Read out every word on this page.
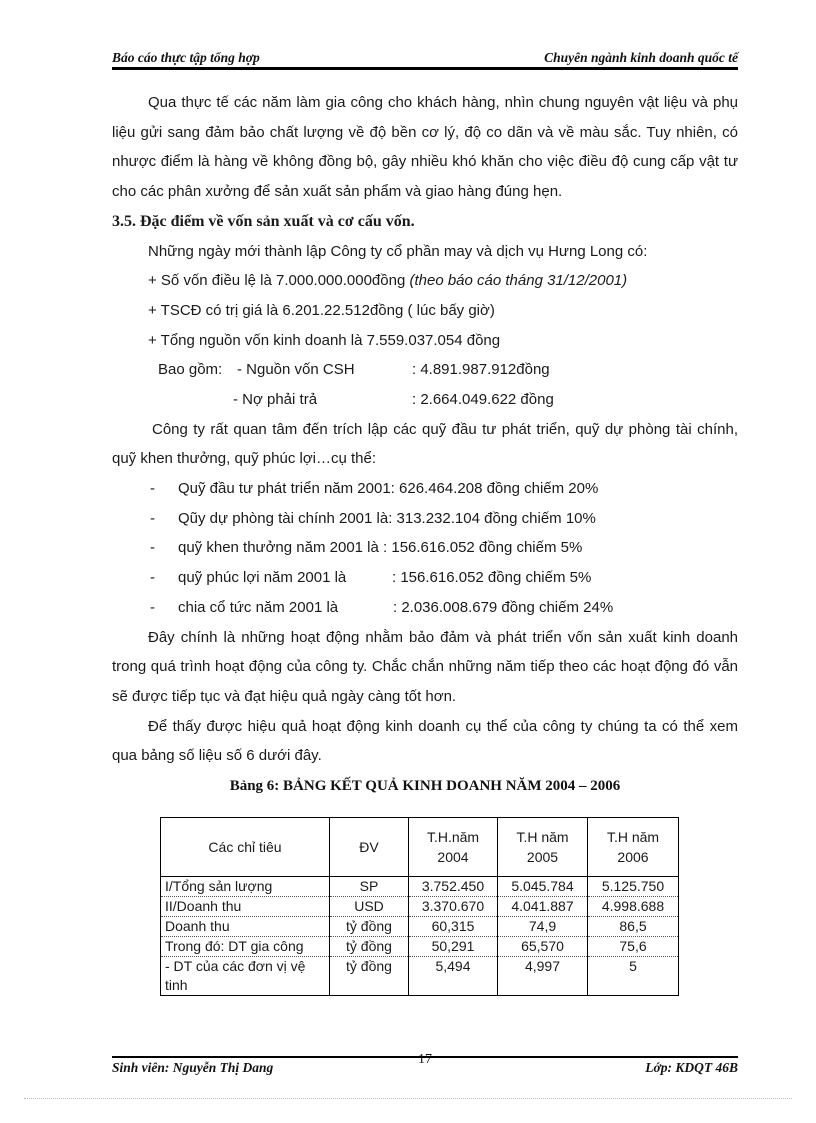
Báo cáo thực tập tổng hợp	Chuyên ngành kinh doanh quốc tế

Qua thực tế các năm làm gia công cho khách hàng, nhìn chung nguyên vật liệu và phụ liệu gửi sang đảm bảo chất lượng về độ bền cơ lý, độ co dãn và về màu sắc. Tuy nhiên, có nhược điểm là hàng về không đồng bộ, gây nhiều khó khăn cho việc điều độ cung cấp vật tư cho các phân xưởng để sản xuất sản phẩm và giao hàng đúng hẹn.

3.5. Đặc điểm về vốn sản xuất và cơ cấu vốn.

Những ngày mới thành lập Công ty cổ phần may và dịch vụ Hưng Long có:

+ Số vốn điều lệ là 7.000.000.000đồng (theo báo cáo tháng 31/12/2001)

+ TSCĐ có trị giá là 6.201.22.512đồng ( lúc bấy giờ)

+ Tổng nguồn vốn kinh doanh là 7.559.037.054 đồng

Bao gồm: - Nguồn vốn CSH	: 4.891.987.912đồng
- Nợ phải trả	: 2.664.049.622 đồng

Công ty rất quan tâm đến trích lập các quỹ đầu tư phát triển, quỹ dự phòng tài chính, quỹ khen thưởng, quỹ phúc lợi…cụ thể:

- Quỹ đầu tư phát triển năm 2001: 626.464.208 đồng chiếm 20%
- Qũy dự phòng tài chính 2001 là: 313.232.104 đồng chiếm 10%
- quỹ khen thưởng năm 2001 là : 156.616.052 đồng chiếm 5%
- quỹ phúc lợi năm 2001 là	: 156.616.052 đồng chiếm 5%
- chia cổ tức năm 2001 là	: 2.036.008.679 đồng chiếm 24%

Đây chính là những hoạt động nhằm bảo đảm và phát triển vốn sản xuất kinh doanh trong quá trình hoạt động của công ty. Chắc chắn những năm tiếp theo các hoạt động đó vẫn sẽ được tiếp tục và đạt hiệu quả ngày càng tốt hơn.

Để thấy được hiệu quả hoạt động kinh doanh cụ thể của công ty chúng ta có thể xem qua bảng số liệu số 6 dưới đây.

Bảng 6: BẢNG KẾT QUẢ KINH DOANH NĂM 2004 – 2006
Các chỉ tiêu	ĐV	T.H.năm 2004	T.H năm 2005	T.H năm 2006
I/Tổng sản lượng	SP	3.752.450	5.045.784	5.125.750
II/Doanh thu	USD	3.370.670	4.041.887	4.998.688
Doanh thu	tỷ đồng	60,315	74,9	86,5
Trong đó: DT gia công	tỷ đồng	50,291	65,570	75,6
- DT của các đơn vị vệ tinh	tỷ đồng	5,494	4,997	5
17
Sinh viên: Nguyễn Thị Dang	Lớp: KDQT 46B
